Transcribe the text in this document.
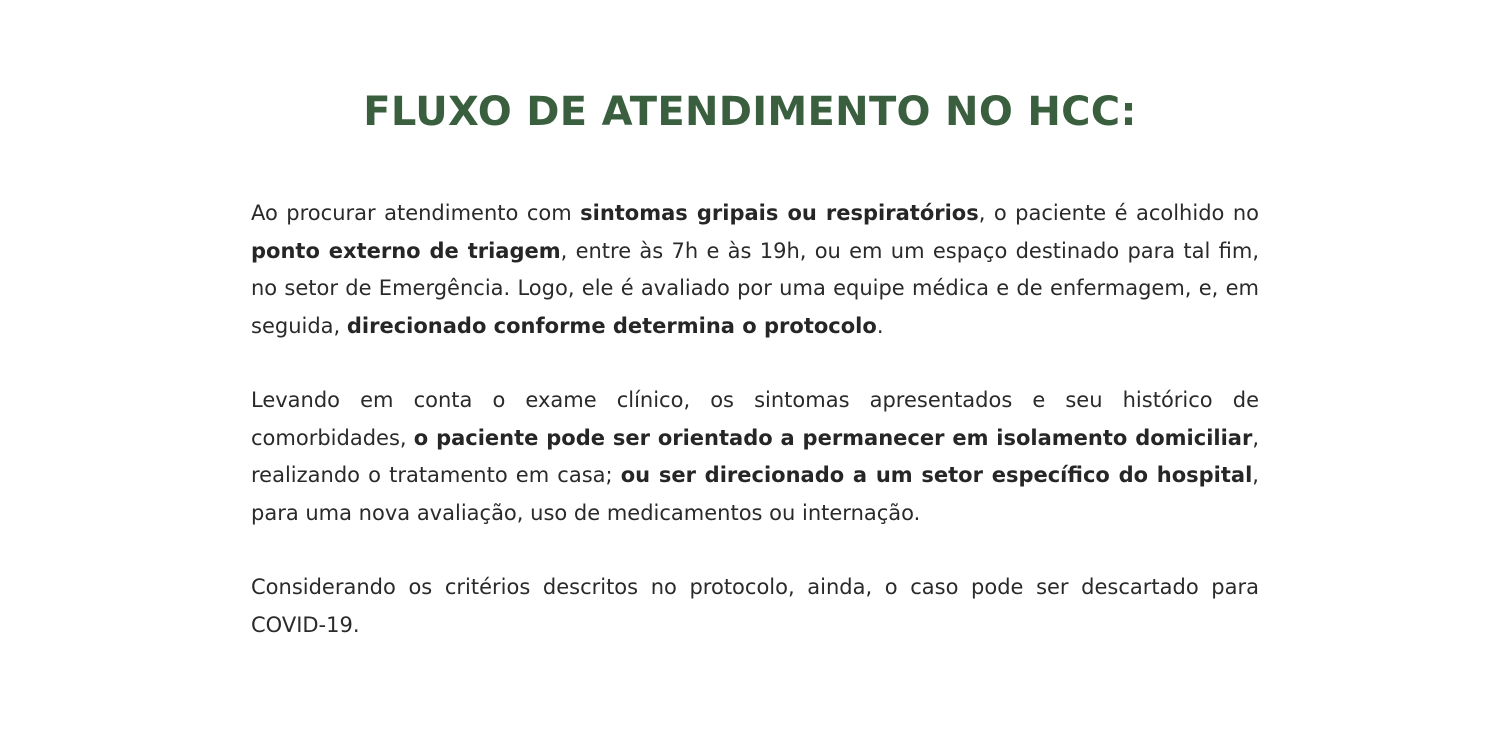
FLUXO DE ATENDIMENTO NO HCC:

Ao procurar atendimento com sintomas gripais ou respiratórios, o paciente é acolhido no ponto externo de triagem, entre às 7h e às 19h, ou em um espaço destinado para tal fim, no setor de Emergência. Logo, ele é avaliado por uma equipe médica e de enfermagem, e, em seguida, direcionado conforme determina o protocolo.

Levando em conta o exame clínico, os sintomas apresentados e seu histórico de comorbidades, o paciente pode ser orientado a permanecer em isolamento domiciliar, realizando o tratamento em casa; ou ser direcionado a um setor específico do hospital, para uma nova avaliação, uso de medicamentos ou internação.

Considerando os critérios descritos no protocolo, ainda, o caso pode ser descartado para COVID-19.
